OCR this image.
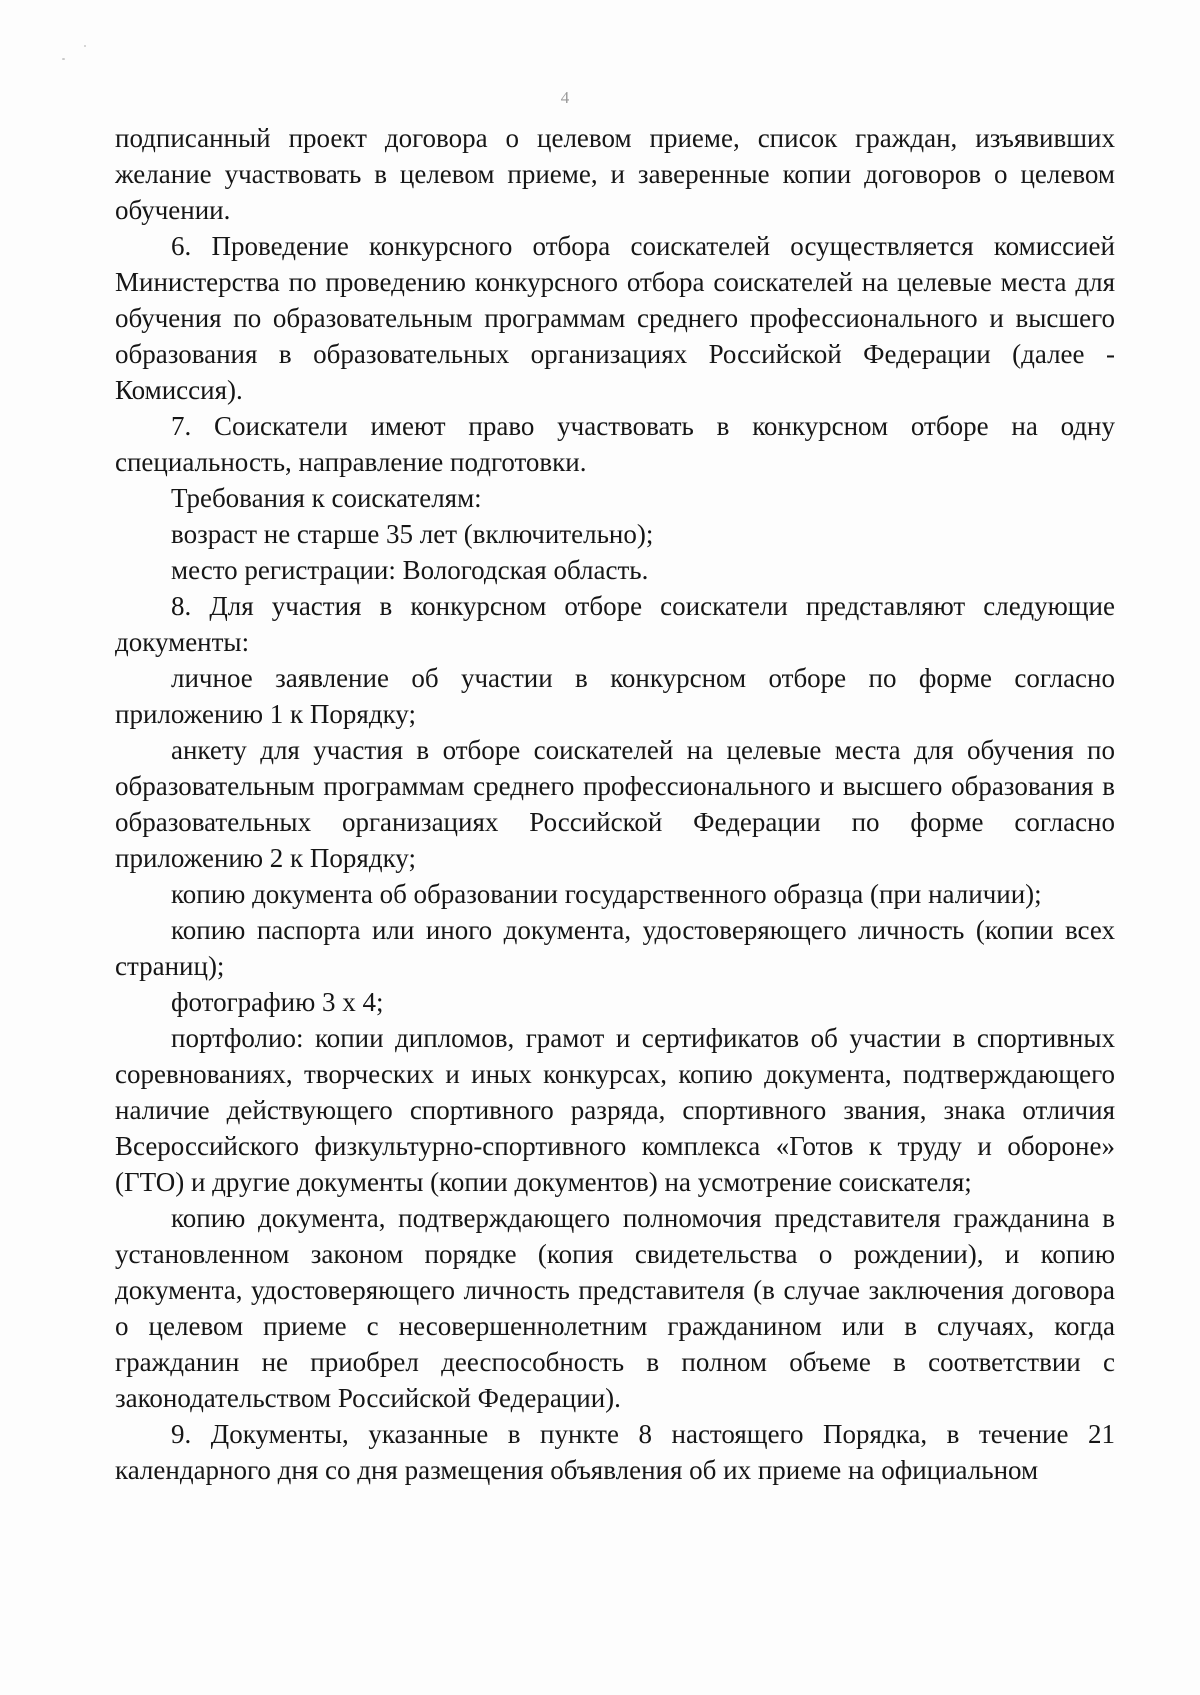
4

подписанный проект договора о целевом приеме, список граждан, изъявивших желание участвовать в целевом приеме, и заверенные копии договоров о целевом обучении.

6. Проведение конкурсного отбора соискателей осуществляется комиссией Министерства по проведению конкурсного отбора соискателей на целевые места для обучения по образовательным программам среднего профессионального и высшего образования в образовательных организациях Российской Федерации (далее - Комиссия).

7. Соискатели имеют право участвовать в конкурсном отборе на одну специальность, направление подготовки.

Требования к соискателям:

возраст не старше 35 лет (включительно);

место регистрации: Вологодская область.

8. Для участия в конкурсном отборе соискатели представляют следующие документы:

личное заявление об участии в конкурсном отборе по форме согласно приложению 1 к Порядку;

анкету для участия в отборе соискателей на целевые места для обучения по образовательным программам среднего профессионального и высшего образования в образовательных организациях Российской Федерации по форме согласно приложению 2 к Порядку;

копию документа об образовании государственного образца (при наличии);

копию паспорта или иного документа, удостоверяющего личность (копии всех страниц);

фотографию 3 х 4;

портфолио: копии дипломов, грамот и сертификатов об участии в спортивных соревнованиях, творческих и иных конкурсах, копию документа, подтверждающего наличие действующего спортивного разряда, спортивного звания, знака отличия Всероссийского физкультурно-спортивного комплекса «Готов к труду и обороне» (ГТО) и другие документы (копии документов) на усмотрение соискателя;

копию документа, подтверждающего полномочия представителя гражданина в установленном законом порядке (копия свидетельства о рождении), и копию документа, удостоверяющего личность представителя (в случае заключения договора о целевом приеме с несовершеннолетним гражданином или в случаях, когда гражданин не приобрел дееспособность в полном объеме в соответствии с законодательством Российской Федерации).

9. Документы, указанные в пункте 8 настоящего Порядка, в течение 21 календарного дня со дня размещения объявления об их приеме на официальном
